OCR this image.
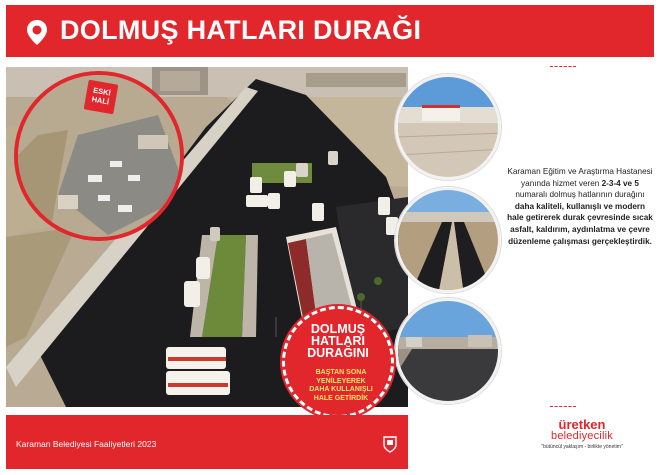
DOLMUŞ HATLARI DURAĞI
ESKİ
HALİ
DOLMUŞ
HATLARI
DURAĞINI
BAŞTAN SONA
YENİLEYEREK
DAHA KULLANIŞLI
HALE GETİRDİK
Karaman Eğitim ve Araştırma Hastanesi yanında hizmet veren 2-3-4 ve 5 numaralı dolmuş hatlarının durağını daha kaliteli, kullanışlı ve modern hale getirerek durak çevresinde sıcak asfalt, kaldırım, aydınlatma ve çevre düzenleme çalışması gerçekleştirdik.
Karaman Belediyesi Faaliyetleri 2023
üretken
belediyecilik
"bütüncül yaklaşım - birlikte yönetim"
